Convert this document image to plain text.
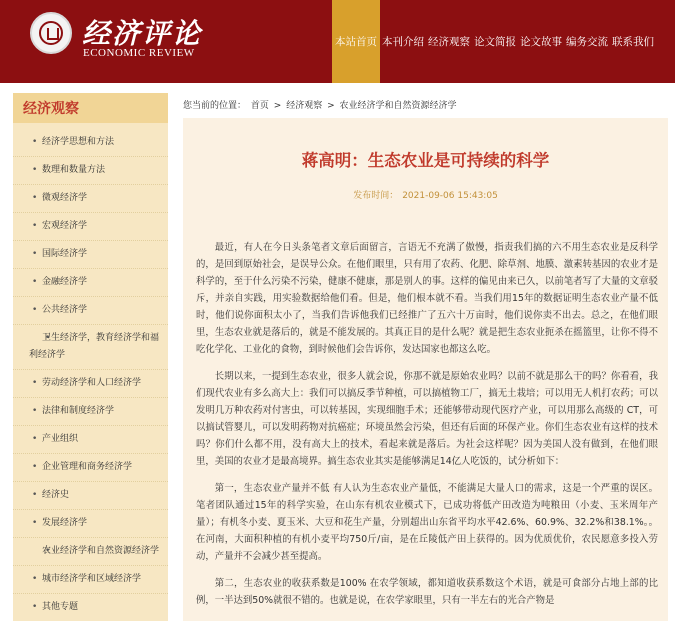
经济评论
ECONOMIC REVIEW
本站首页 本刊介绍 经济观察 论文简报 论文故事 编务交流 联系我们
经济观察
• 经济学思想和方法
• 数理和数量方法
• 微观经济学
• 宏观经济学
• 国际经济学
• 金融经济学
• 公共经济学
• 卫生经济学，教育经济学和福利经济学
• 劳动经济学和人口经济学
• 法律和制度经济学
• 产业组织
• 企业管理和商务经济学
• 经济史
• 发展经济学
• 农业经济学和自然资源经济学
• 城市经济学和区域经济学
• 其他专题
您当前的位置： 首页 > 经济观察 > 农业经济学和自然资源经济学
蒋高明：生态农业是可持续的科学
发布时间： 2021-09-06 15:43:05

最近，有人在今日头条笔者文章后面留言，言语无不充满了傲慢，指责我们搞的六不用生态农业是反科学的，是回到原始社会，是误导公众。在他们眼里，只有用了农药、化肥、除草剂、地膜、激素转基因的农业才是科学的，至于什么污染不污染，健康不健康，那是别人的事。这样的偏见由来已久，以前笔者写了大量的文章驳斥，并亲自实践，用实验数据给他们看。但是，他们根本就不看。当我们用15年的数据证明生态农业产量不低时，他们说你面积太小了，当我们告诉他我们已经推广了五六十万亩时，他们说你卖不出去。总之，在他们眼里，生态农业就是落后的，就是不能发展的。其真正目的是什么呢？就是把生态农业扼杀在摇篮里，让你不得不吃化学化、工业化的食物，到时候他们会告诉你，发达国家也都这么吃。

长期以来，一提到生态农业，很多人就会说，你那不就是原始农业吗？以前不就是那么干的吗？你看看，我们现代农业有多么高大上：我们可以搞反季节种植，可以搞植物工厂，搞无土栽培；可以用无人机打农药；可以发明几万种农药对付害虫，可以转基因，实现细胞手术；还能够带动现代医疗产业，可以用那么高级的 CT，可以搞试管婴儿，可以发明药物对抗癌症；环境虽然会污染，但还有后面的环保产业。你们生态农业有这样的技术吗？你们什么都不用，没有高大上的技术，看起来就是落后。为社会这样呢？因为美国人没有做到，在他们眼里，美国的农业才是最高境界。搞生态农业其实是能够满足14亿人吃饭的，试分析如下：

第一，生态农业产量并不低 有人认为生态农业产量低，不能满足大量人口的需求，这是一个严重的误区。笔者团队通过15年的科学实验，在山东有机农业模式下，已成功将低产田改造为吨粮田（小麦、玉米周年产量）；有机冬小麦、夏玉米、大豆和花生产量，分别超出山东省平均水平42.6%、60.9%、32.2%和38.1%。。在河南，大面积种植的有机小麦平均750斤/亩，是在丘陵低产田上获得的。因为优质优价，农民愿意多投入劳动，产量并不会减少甚至提高。

第二，生态农业的收获系数是100% 在农学领域，都知道收获系数这个术语，就是可食部分占地上部的比例，一半达到50%就很不错的。也就是说，在农学家眼里，只有一半左右的光合产物是
